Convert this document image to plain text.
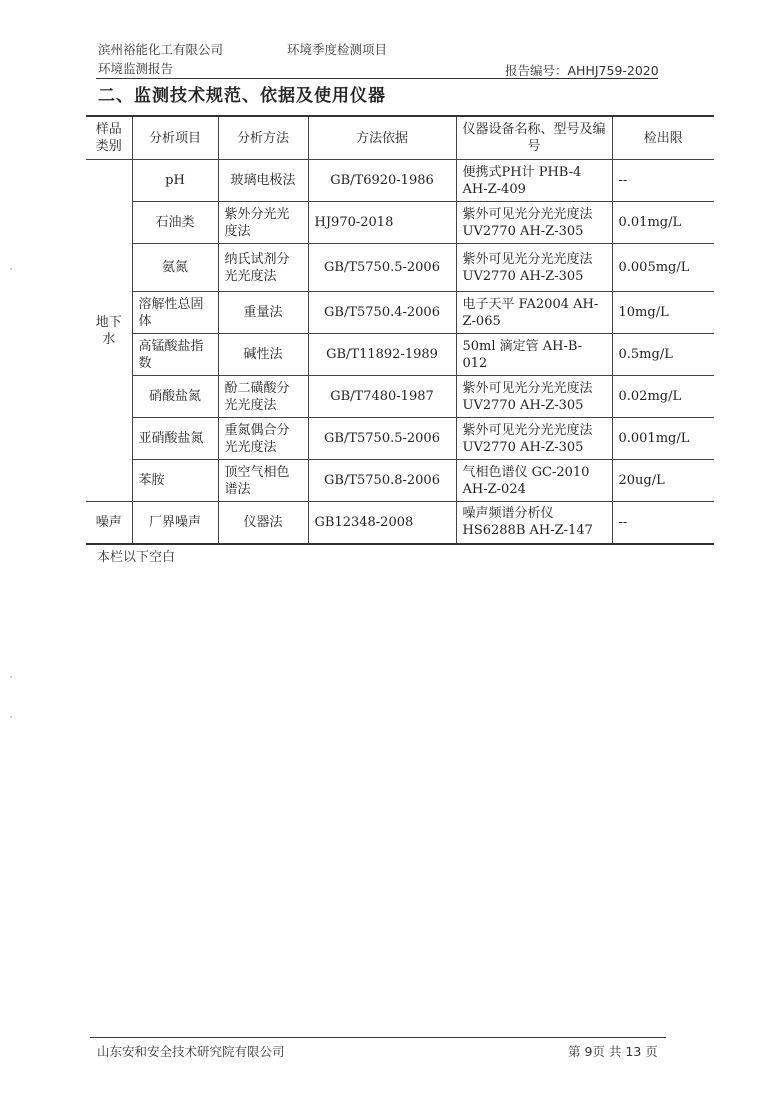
滨州裕能化工有限公司	环境季度检测项目
环境监测报告	报告编号：AHHJ759-2020
二、监测技术规范、依据及使用仪器
样品类别	分析项目	分析方法	方法依据	仪器设备名称、型号及编号	检出限
地下水	pH	玻璃电极法	GB/T6920-1986	便携式PH计 PHB-4 AH-Z-409	--
	石油类	紫外分光光度法	HJ970-2018	紫外可见光分光光度法 UV2770 AH-Z-305	0.01mg/L
	氨氮	纳氏试剂分光光度法	GB/T5750.5-2006	紫外可见光分光光度法 UV2770 AH-Z-305	0.005mg/L
	溶解性总固体	重量法	GB/T5750.4-2006	电子天平 FA2004 AH-Z-065	10mg/L
	高锰酸盐指数	碱性法	GB/T11892-1989	50ml 滴定管 AH-B-012	0.5mg/L
	硝酸盐氮	酚二磺酸分光光度法	GB/T7480-1987	紫外可见光分光光度法 UV2770 AH-Z-305	0.02mg/L
	亚硝酸盐氮	重氮偶合分光光度法	GB/T5750.5-2006	紫外可见光分光光度法 UV2770 AH-Z-305	0.001mg/L
	苯胺	顶空气相色谱法	GB/T5750.8-2006	气相色谱仪 GC-2010 AH-Z-024	20ug/L
噪声	厂界噪声	仪器法	GB12348-2008	噪声频谱分析仪 HS6288B AH-Z-147	--
本栏以下空白
山东安和安全技术研究院有限公司	第 9页 共 13 页
